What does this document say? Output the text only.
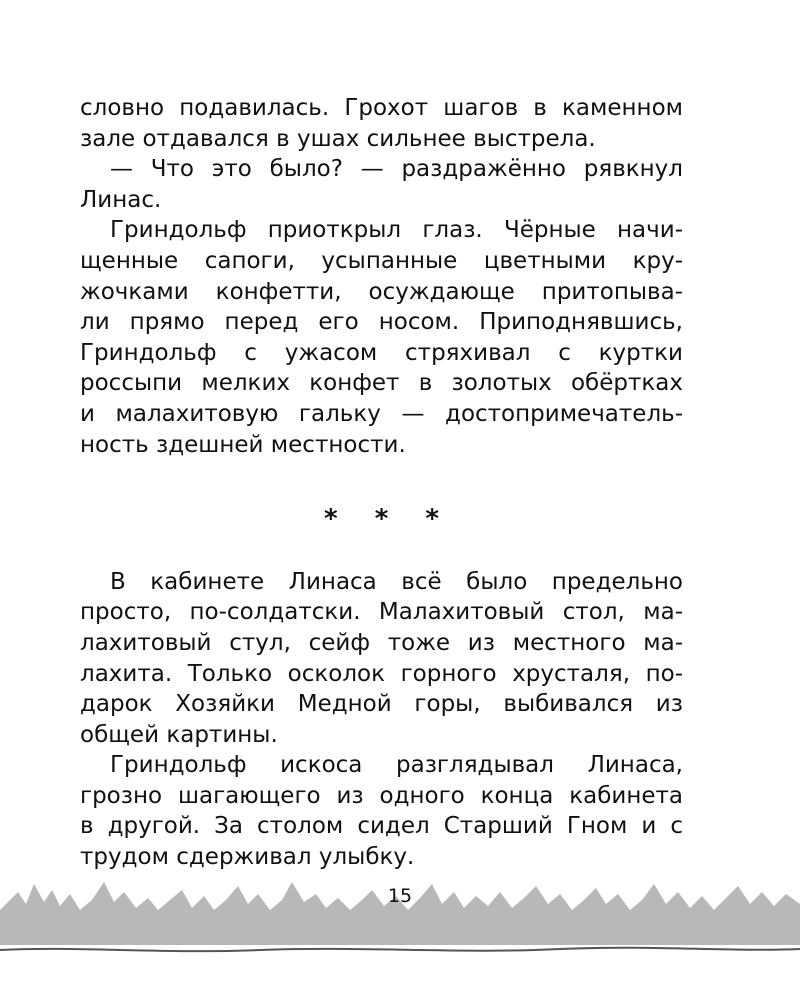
словно подавилась. Грохот шагов в каменном
зале отдавался в ушах сильнее выстрела.
— Что это было? — раздражённо рявкнул
Линас.
Гриндольф приоткрыл глаз. Чёрные начи-
щенные сапоги, усыпанные цветными кру-
жочками конфетти, осуждающе притопыва-
ли прямо перед его носом. Приподнявшись,
Гриндольф с ужасом стряхивал с куртки
россыпи мелких конфет в золотых обёртках
и малахитовую гальку — достопримечатель-
ность здешней местности.
* * *
В кабинете Линаса всё было предельно
просто, по-солдатски. Малахитовый стол, ма-
лахитовый стул, сейф тоже из местного ма-
лахита. Только осколок горного хрусталя, по-
дарок Хозяйки Медной горы, выбивался из
общей картины.
Гриндольф искоса разглядывал Линаса,
грозно шагающего из одного конца кабинета
в другой. За столом сидел Старший Гном и с
трудом сдерживал улыбку.
15
